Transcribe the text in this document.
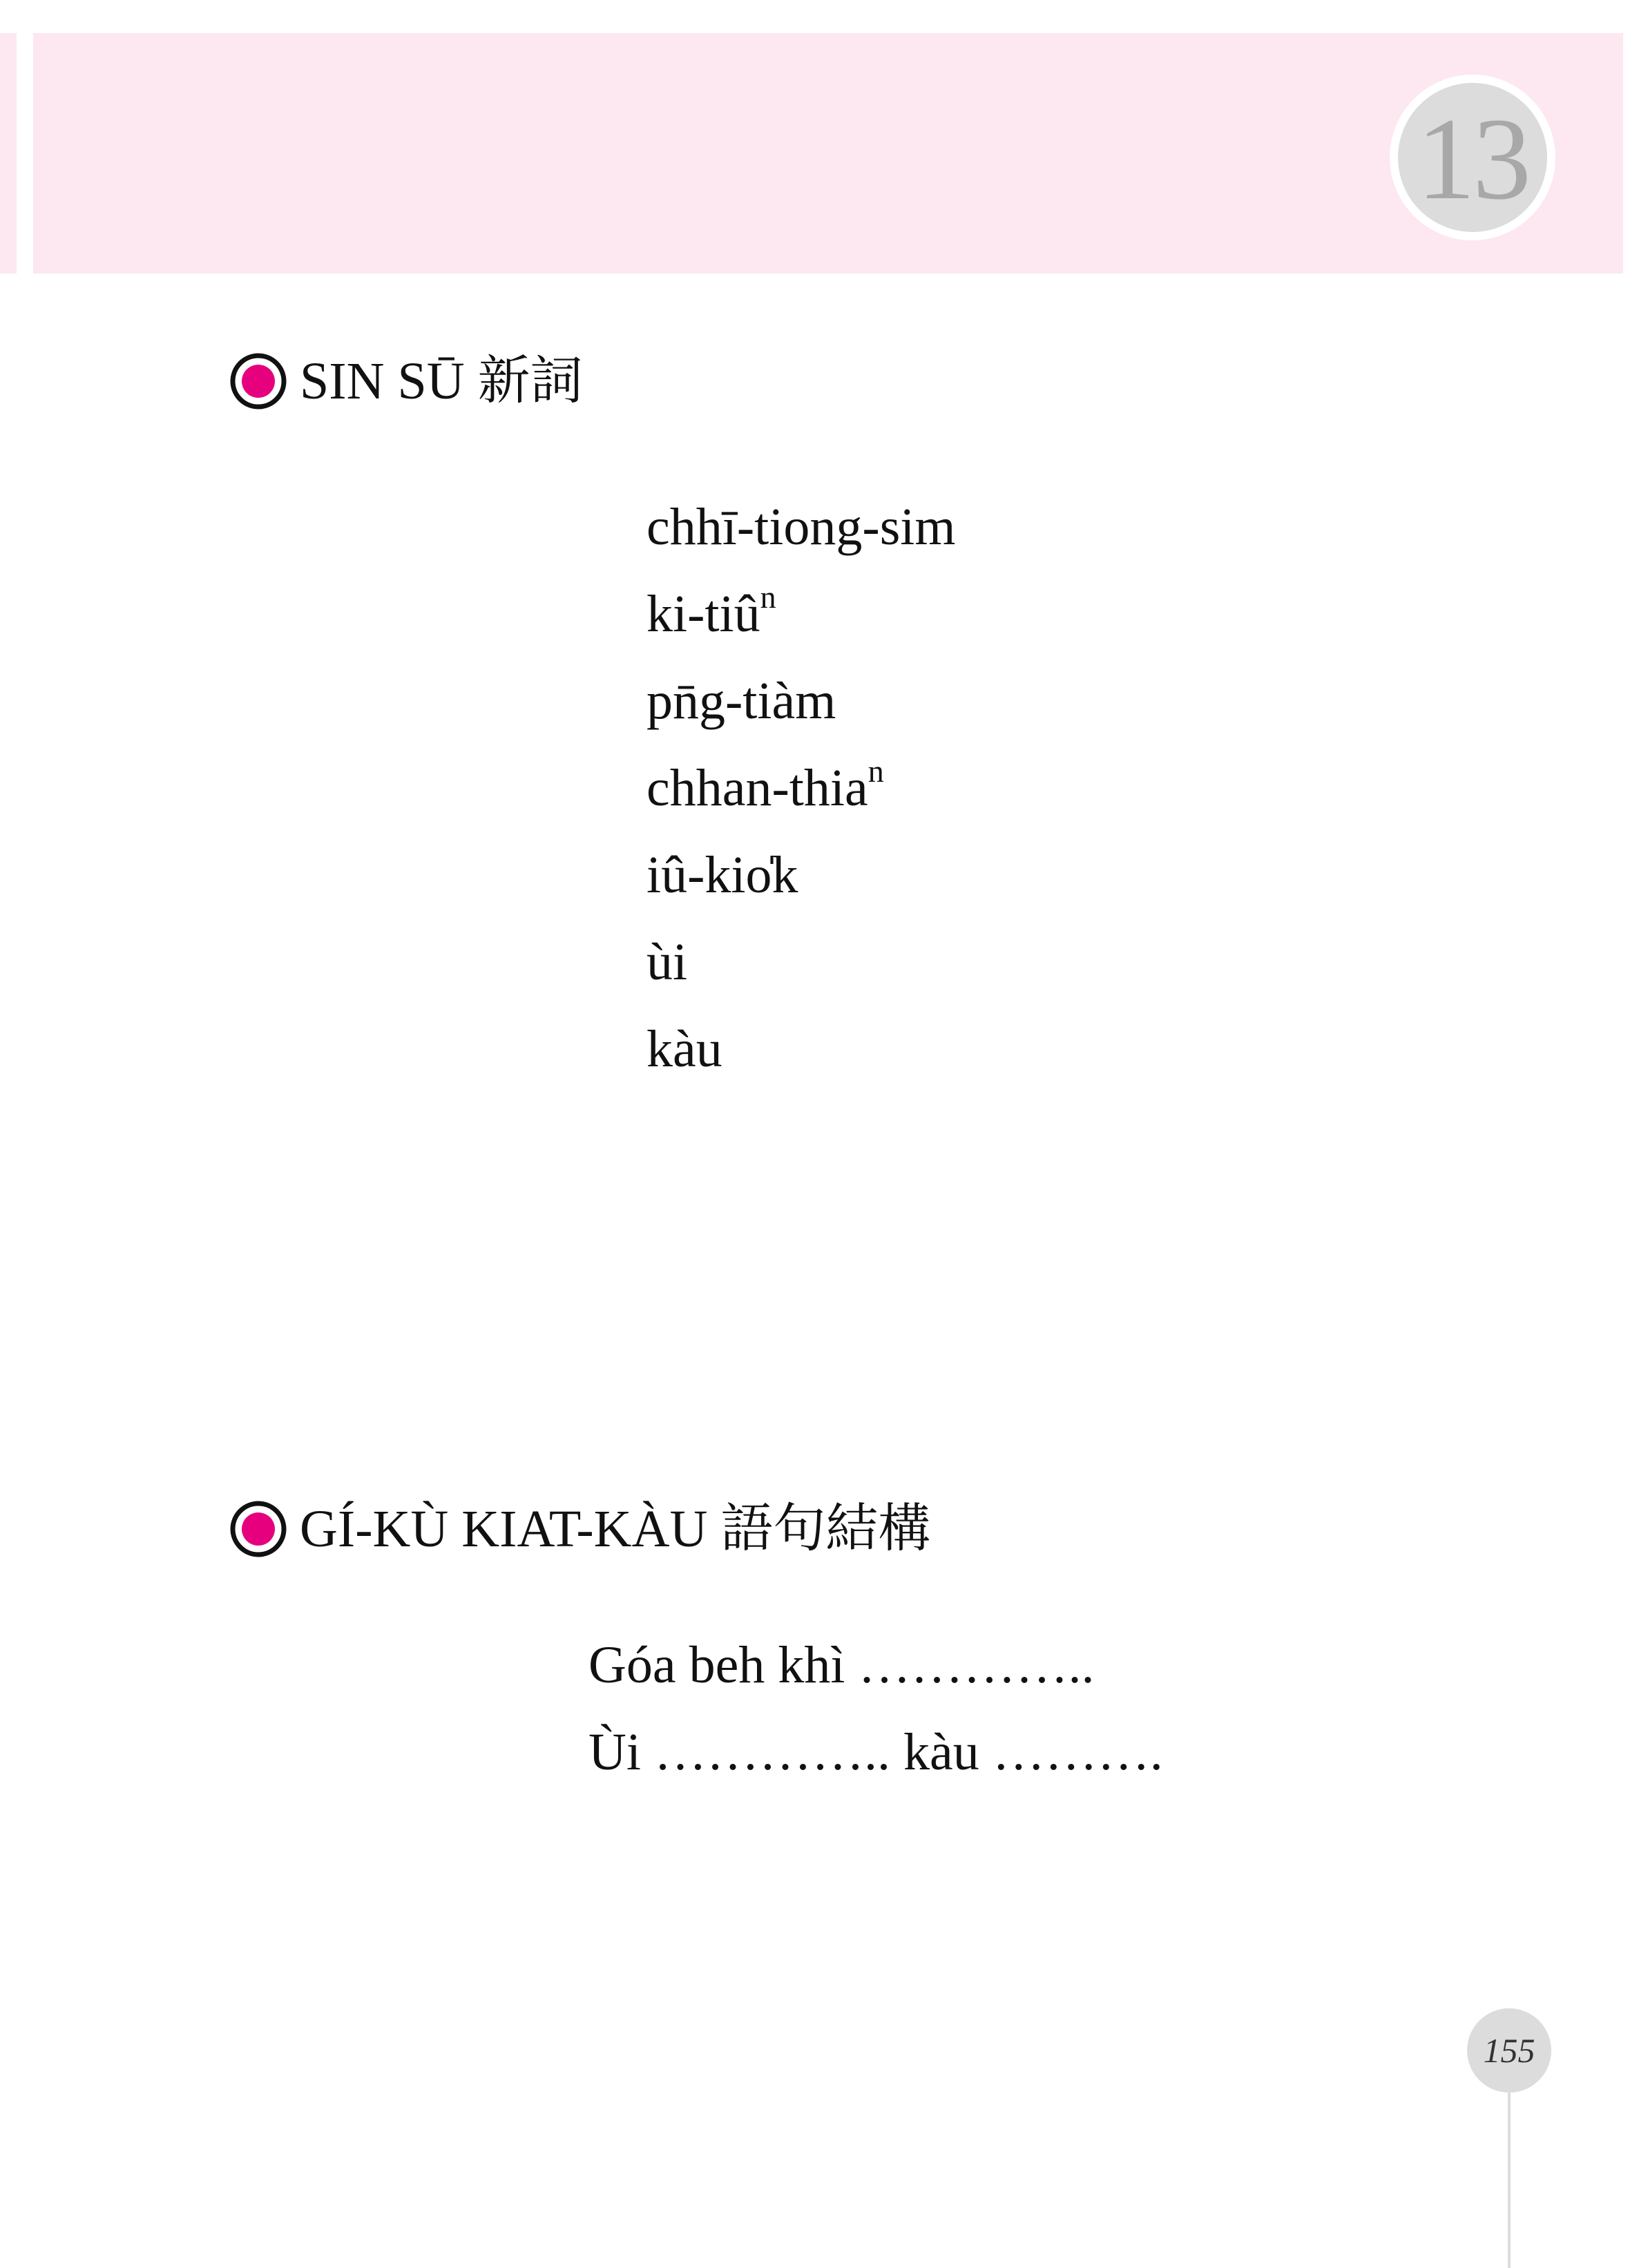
13
SIN SŪ 新詞
chhī-tiong-sim
ki-tiû$^n$
pn̄g-tiàm
chhan-thia$^n$
iû-kio̍k
ùi
kàu
GÍ-KÙ KIAT-KÀU 語句結構
Góa beh khì …………..
Ùi ………….. kàu ……….
155
